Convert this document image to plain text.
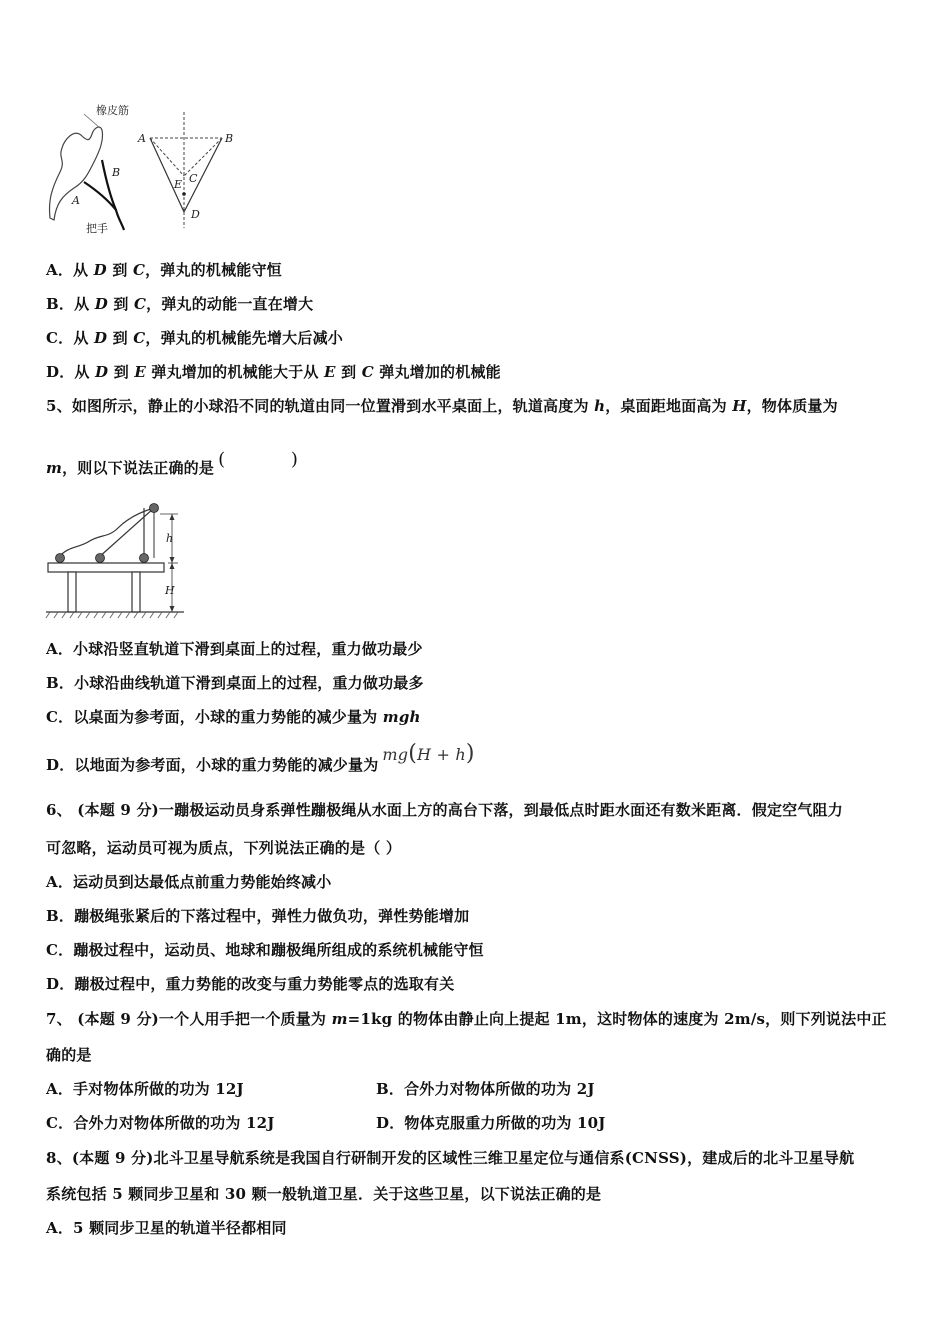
橡皮筋
B
A
把手
A	B
C
E
D
A．从 D 到 C，弹丸的机械能守恒
B．从 D 到 C，弹丸的动能一直在增大
C．从 D 到 C，弹丸的机械能先增大后减小
D．从 D 到 E 弹丸增加的机械能大于从 E 到 C 弹丸增加的机械能
5、如图所示，静止的小球沿不同的轨道由同一位置滑到水平桌面上，轨道高度为 h，桌面距地面高为 H，物体质量为
m，则以下说法正确的是 ( )
h
H
A．小球沿竖直轨道下滑到桌面上的过程，重力做功最少
B．小球沿曲线轨道下滑到桌面上的过程，重力做功最多
C．以桌面为参考面，小球的重力势能的减少量为 mgh
D．以地面为参考面，小球的重力势能的减少量为mg(H + h)
6、 (本题 9 分)一蹦极运动员身系弹性蹦极绳从水面上方的高台下落，到最低点时距水面还有数米距离．假定空气阻力
可忽略，运动员可视为质点，下列说法正确的是（ ）
A．运动员到达最低点前重力势能始终减小
B．蹦极绳张紧后的下落过程中，弹性力做负功，弹性势能增加
C．蹦极过程中，运动员、地球和蹦极绳所组成的系统机械能守恒
D．蹦极过程中，重力势能的改变与重力势能零点的选取有关
7、 (本题 9 分)一个人用手把一个质量为 m=1kg 的物体由静止向上提起 1m，这时物体的速度为 2m/s，则下列说法中正
确的是
A．手对物体所做的功为 12J	B．合外力对物体所做的功为 2J
C．合外力对物体所做的功为 12J	D．物体克服重力所做的功为 10J
8、(本题 9 分)北斗卫星导航系统是我国自行研制开发的区域性三维卫星定位与通信系(CNSS)，建成后的北斗卫星导航
系统包括 5 颗同步卫星和 30 颗一般轨道卫星．关于这些卫星，以下说法正确的是
A．5 颗同步卫星的轨道半径都相同
